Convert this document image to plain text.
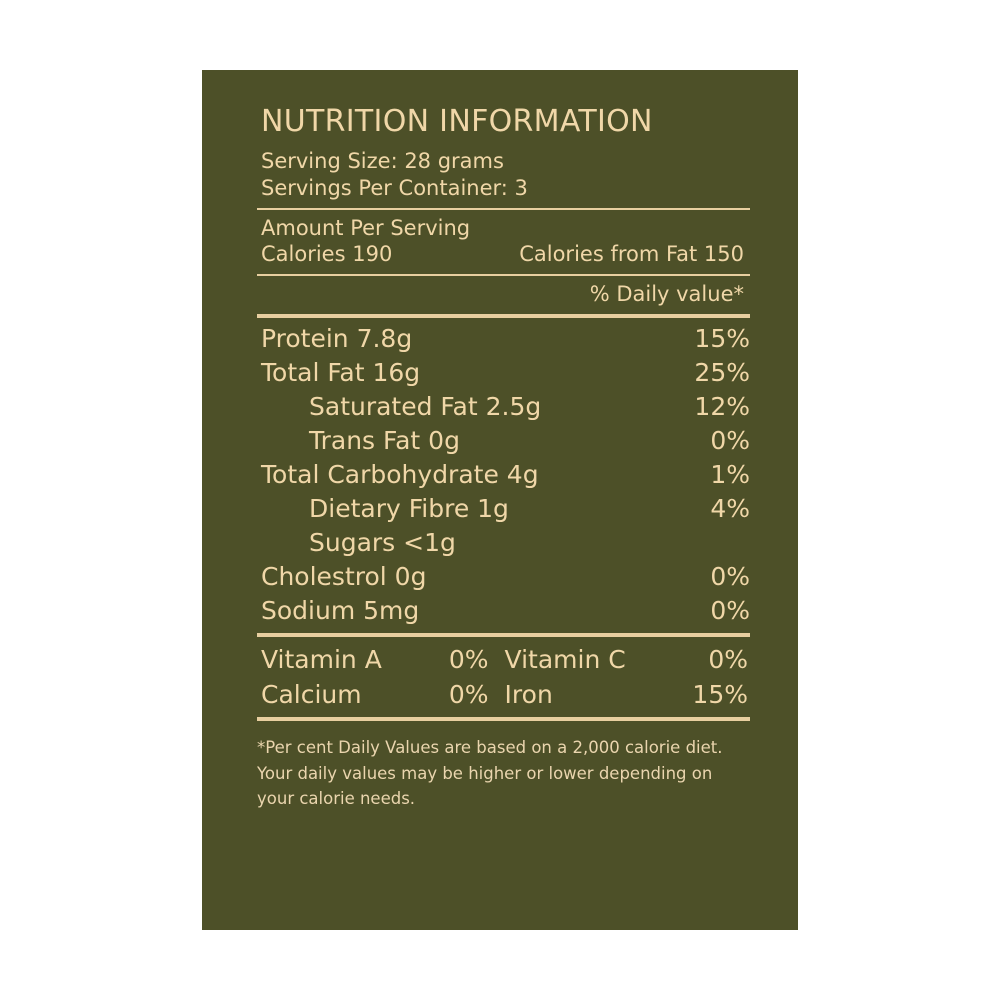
NUTRITION INFORMATION
Serving Size: 28 grams
Servings Per Container: 3
Amount Per Serving
Calories 190	Calories from Fat 150
% Daily value*
Protein 7.8g	15%
Total Fat 16g	25%
Saturated Fat 2.5g	12%
Trans Fat 0g	0%
Total Carbohydrate 4g	1%
Dietary Fibre 1g	4%
Sugars <1g
Cholestrol 0g	0%
Sodium 5mg	0%
Vitamin A	0% Vitamin C	0%
Calcium	0% Iron	15%
*Per cent Daily Values are based on a 2,000 calorie diet. Your daily values may be higher or lower depending on your calorie needs.
